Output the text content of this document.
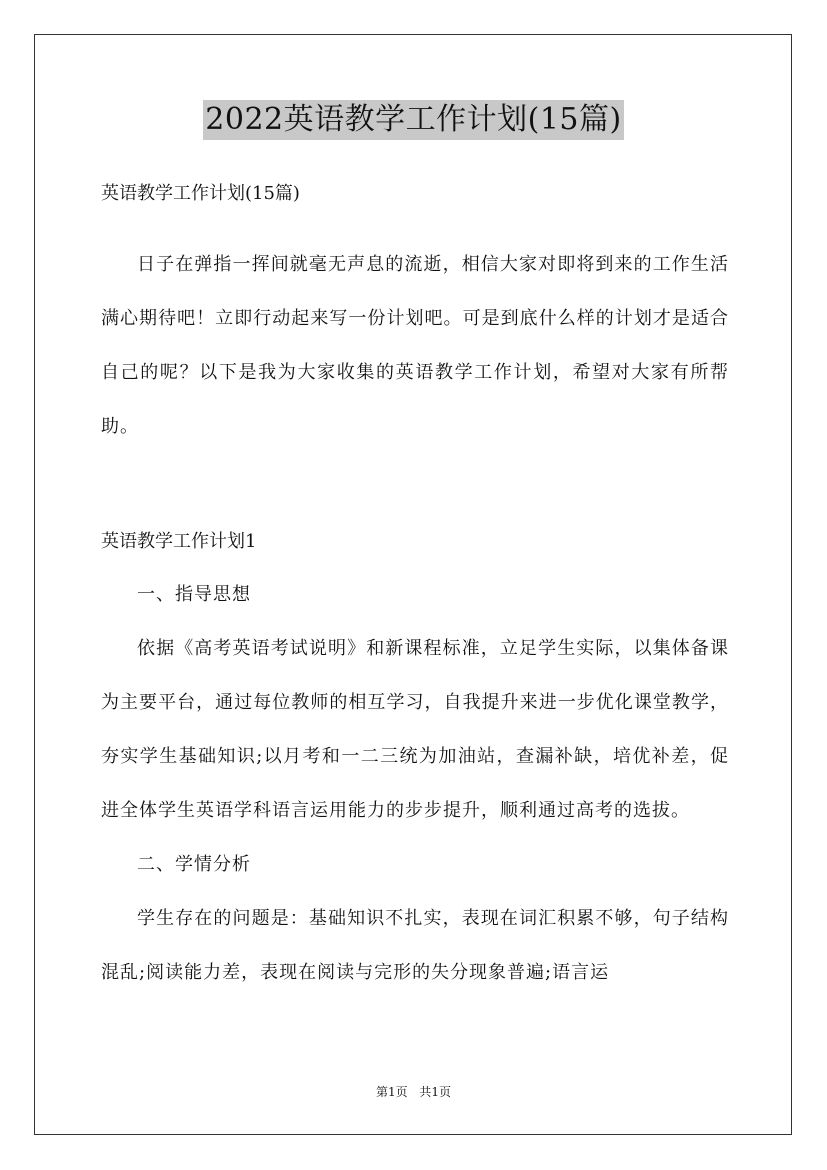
2022英语教学工作计划(15篇)

英语教学工作计划(15篇)

日子在弹指一挥间就毫无声息的流逝，相信大家对即将到来的工作生活满心期待吧！立即行动起来写一份计划吧。可是到底什么样的计划才是适合自己的呢？以下是我为大家收集的英语教学工作计划，希望对大家有所帮助。

英语教学工作计划1

一、指导思想

依据《高考英语考试说明》和新课程标准，立足学生实际，以集体备课为主要平台，通过每位教师的相互学习，自我提升来进一步优化课堂教学，夯实学生基础知识;以月考和一二三统为加油站，查漏补缺，培优补差，促进全体学生英语学科语言运用能力的步步提升，顺利通过高考的选拔。

二、学情分析

学生存在的问题是：基础知识不扎实，表现在词汇积累不够，句子结构混乱;阅读能力差，表现在阅读与完形的失分现象普遍;语言运

第1页 共1页
